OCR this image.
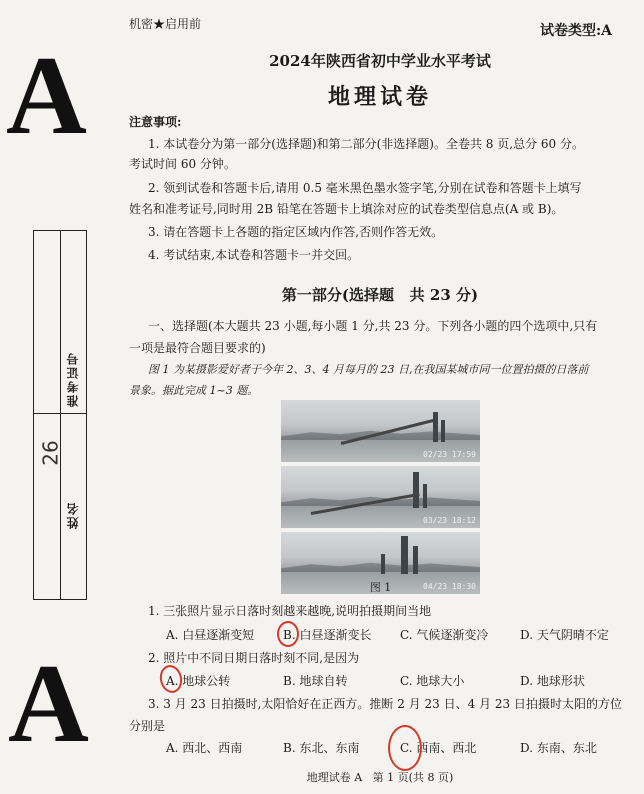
机密★启用前	试卷类型:A
A
A
准考证号
姓名
26
2024年陕西省初中学业水平考试
地理试卷
注意事项:
1. 本试卷分为第一部分(选择题)和第二部分(非选择题)。全卷共 8 页,总分 60 分。
考试时间 60 分钟。
2. 领到试卷和答题卡后,请用 0.5 毫米黑色墨水签字笔,分别在试卷和答题卡上填写
姓名和准考证号,同时用 2B 铅笔在答题卡上填涂对应的试卷类型信息点(A 或 B)。
3. 请在答题卡上各题的指定区域内作答,否则作答无效。
4. 考试结束,本试卷和答题卡一并交回。
第一部分(选择题   共 23 分)
一、选择题(本大题共 23 小题,每小题 1 分,共 23 分。下列各小题的四个选项中,只有
一项是最符合题目要求的)
图 1 为某摄影爱好者于今年 2、3、4 月每月的 23 日,在我国某城市同一位置拍摄的日落前
景象。据此完成 1~3 题。
02/23 17:59
03/23 18:12
04/23 18:30
图 1
1. 三张照片显示日落时刻越来越晚,说明拍摄期间当地
A. 白昼逐渐变短 B. 白昼逐渐变长 C. 气候逐渐变冷	D. 天气阴晴不定
2. 照片中不同日期日落时刻不同,是因为
A. 地球公转	B. 地球自转	C. 地球大小	D. 地球形状
3. 3 月 23 日拍摄时,太阳恰好在正西方。推断 2 月 23 日、4 月 23 日拍摄时太阳的方位
分别是
A. 西北、西南	B. 东北、东南	C. 西南、西北	D. 东南、东北
地理试卷 A   第 1 页(共 8 页)
